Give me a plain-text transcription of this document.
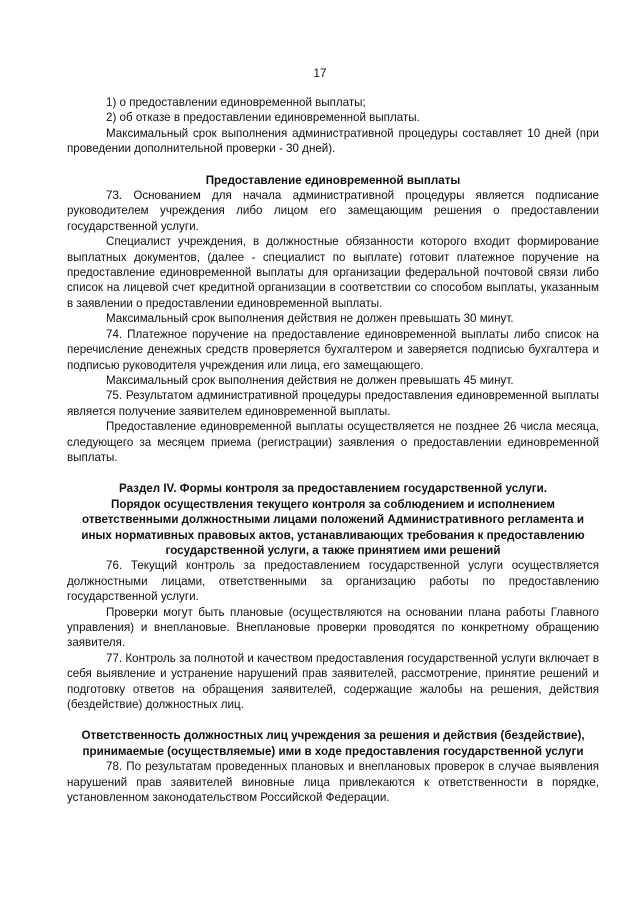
17

1) о предоставлении единовременной выплаты;

2) об отказе в предоставлении единовременной выплаты.

Максимальный срок выполнения административной процедуры составляет 10 дней (при проведении дополнительной проверки - 30 дней).

Предоставление единовременной выплаты

73. Основанием для начала административной процедуры является подписание руководителем учреждения либо лицом его замещающим решения о предоставлении государственной услуги.

Специалист учреждения, в должностные обязанности которого входит формирование выплатных документов, (далее - специалист по выплате) готовит платежное поручение на предоставление единовременной выплаты для организации федеральной почтовой связи либо список на лицевой счет кредитной организации в соответствии со способом выплаты, указанным в заявлении о предоставлении единовременной выплаты.

Максимальный срок выполнения действия не должен превышать 30 минут.

74. Платежное поручение на предоставление единовременной выплаты либо список на перечисление денежных средств проверяется бухгалтером и заверяется подписью бухгалтера и подписью руководителя учреждения или лица, его замещающего.

Максимальный срок выполнения действия не должен превышать 45 минут.

75. Результатом административной процедуры предоставления единовременной выплаты является получение заявителем единовременной выплаты.

Предоставление единовременной выплаты осуществляется не позднее 26 числа месяца, следующего за месяцем приема (регистрации) заявления о предоставлении единовременной выплаты.

Раздел IV. Формы контроля за предоставлением государственной услуги.

Порядок осуществления текущего контроля за соблюдением и исполнением ответственными должностными лицами положений Административного регламента и иных нормативных правовых актов, устанавливающих требования к предоставлению государственной услуги, а также принятием ими решений

76. Текущий контроль за предоставлением государственной услуги осуществляется должностными лицами, ответственными за организацию работы по предоставлению государственной услуги.

Проверки могут быть плановые (осуществляются на основании плана работы Главного управления) и внеплановые. Внеплановые проверки проводятся по конкретному обращению заявителя.

77. Контроль за полнотой и качеством предоставления государственной услуги включает в себя выявление и устранение нарушений прав заявителей, рассмотрение, принятие решений и подготовку ответов на обращения заявителей, содержащие жалобы на решения, действия (бездействие) должностных лиц.

Ответственность должностных лиц учреждения за решения и действия (бездействие), принимаемые (осуществляемые) ими в ходе предоставления государственной услуги

78. По результатам проведенных плановых и внеплановых проверок в случае выявления нарушений прав заявителей виновные лица привлекаются к ответственности в порядке, установленном законодательством Российской Федерации.
